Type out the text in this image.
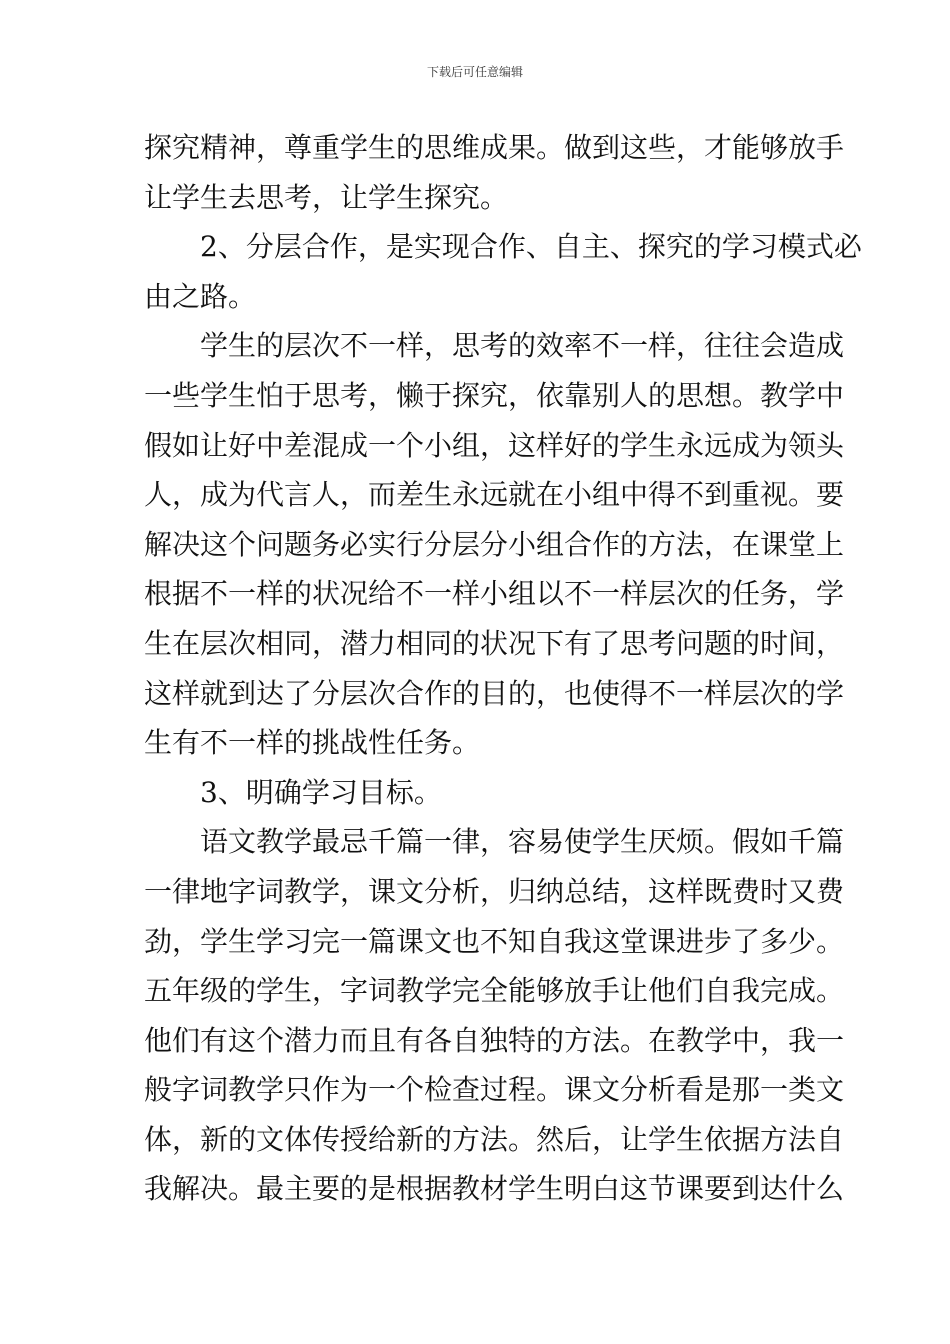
下载后可任意编辑
探究精神，尊重学生的思维成果。做到这些，才能够放手
让学生去思考，让学生探究。
2、分层合作，是实现合作、自主、探究的学习模式必
由之路。
学生的层次不一样，思考的效率不一样，往往会造成
一些学生怕于思考，懒于探究，依靠别人的思想。教学中
假如让好中差混成一个小组，这样好的学生永远成为领头
人，成为代言人，而差生永远就在小组中得不到重视。要
解决这个问题务必实行分层分小组合作的方法，在课堂上
根据不一样的状况给不一样小组以不一样层次的任务，学
生在层次相同，潜力相同的状况下有了思考问题的时间，
这样就到达了分层次合作的目的，也使得不一样层次的学
生有不一样的挑战性任务。
3、明确学习目标。
语文教学最忌千篇一律，容易使学生厌烦。假如千篇
一律地字词教学，课文分析，归纳总结，这样既费时又费
劲，学生学习完一篇课文也不知自我这堂课进步了多少。
五年级的学生，字词教学完全能够放手让他们自我完成。
他们有这个潜力而且有各自独特的方法。在教学中，我一
般字词教学只作为一个检查过程。课文分析看是那一类文
体，新的文体传授给新的方法。然后，让学生依据方法自
我解决。最主要的是根据教材学生明白这节课要到达什么
